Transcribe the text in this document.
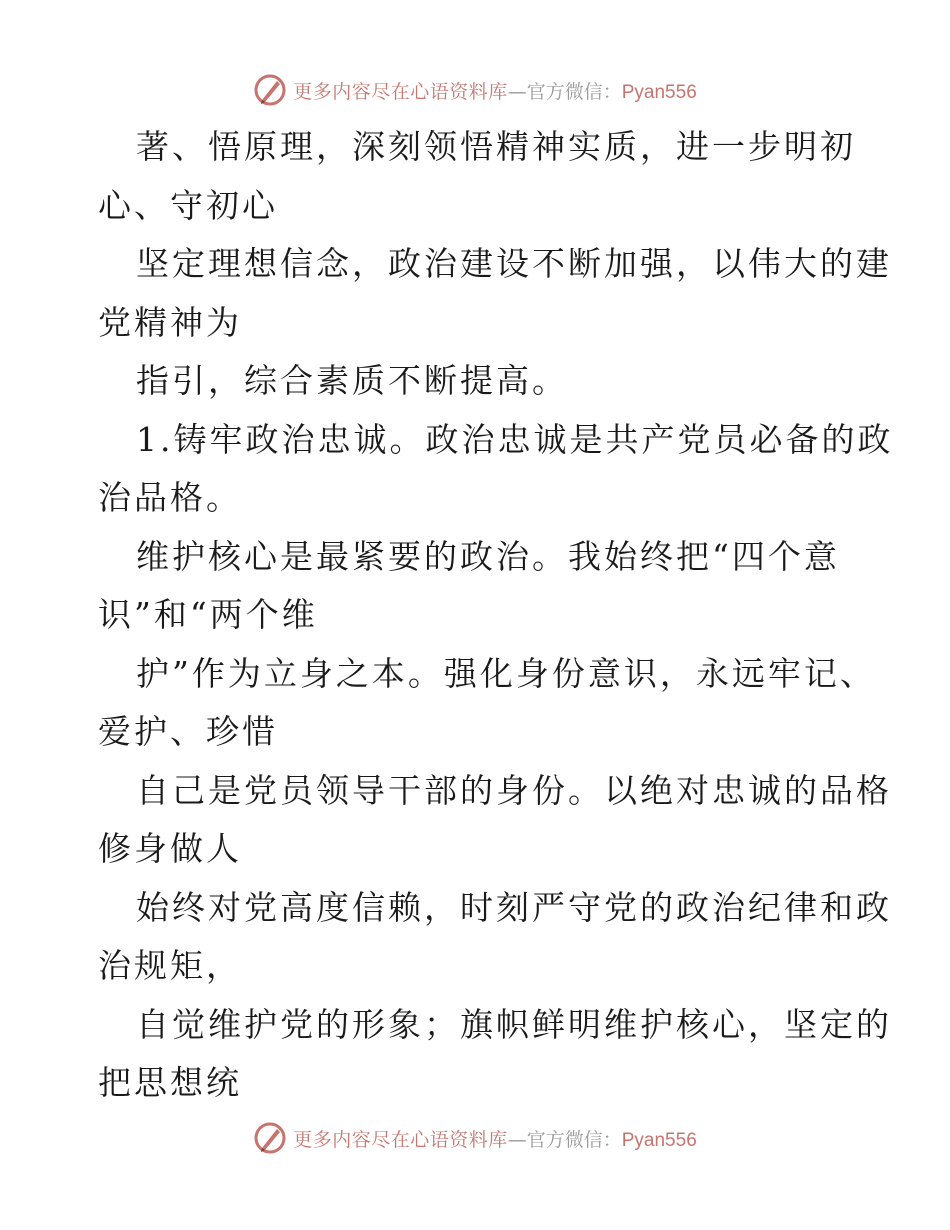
更多内容尽在心语资料库 — 官方微信： Pyan556
著、悟原理，深刻领悟精神实质，进一步明初
心、守初心
坚定理想信念，政治建设不断加强，以伟大的建
党精神为
指引，综合素质不断提高。
1.铸牢政治忠诚。政治忠诚是共产党员必备的政
治品格。
维护核心是最紧要的政治。我始终把“四个意
识”和“两个维
护”作为立身之本。强化身份意识，永远牢记、
爱护、珍惜
自己是党员领导干部的身份。以绝对忠诚的品格
修身做人
始终对党高度信赖，时刻严守党的政治纪律和政
治规矩，
自觉维护党的形象；旗帜鲜明维护核心，坚定的
把思想统
更多内容尽在心语资料库 — 官方微信： Pyan556
